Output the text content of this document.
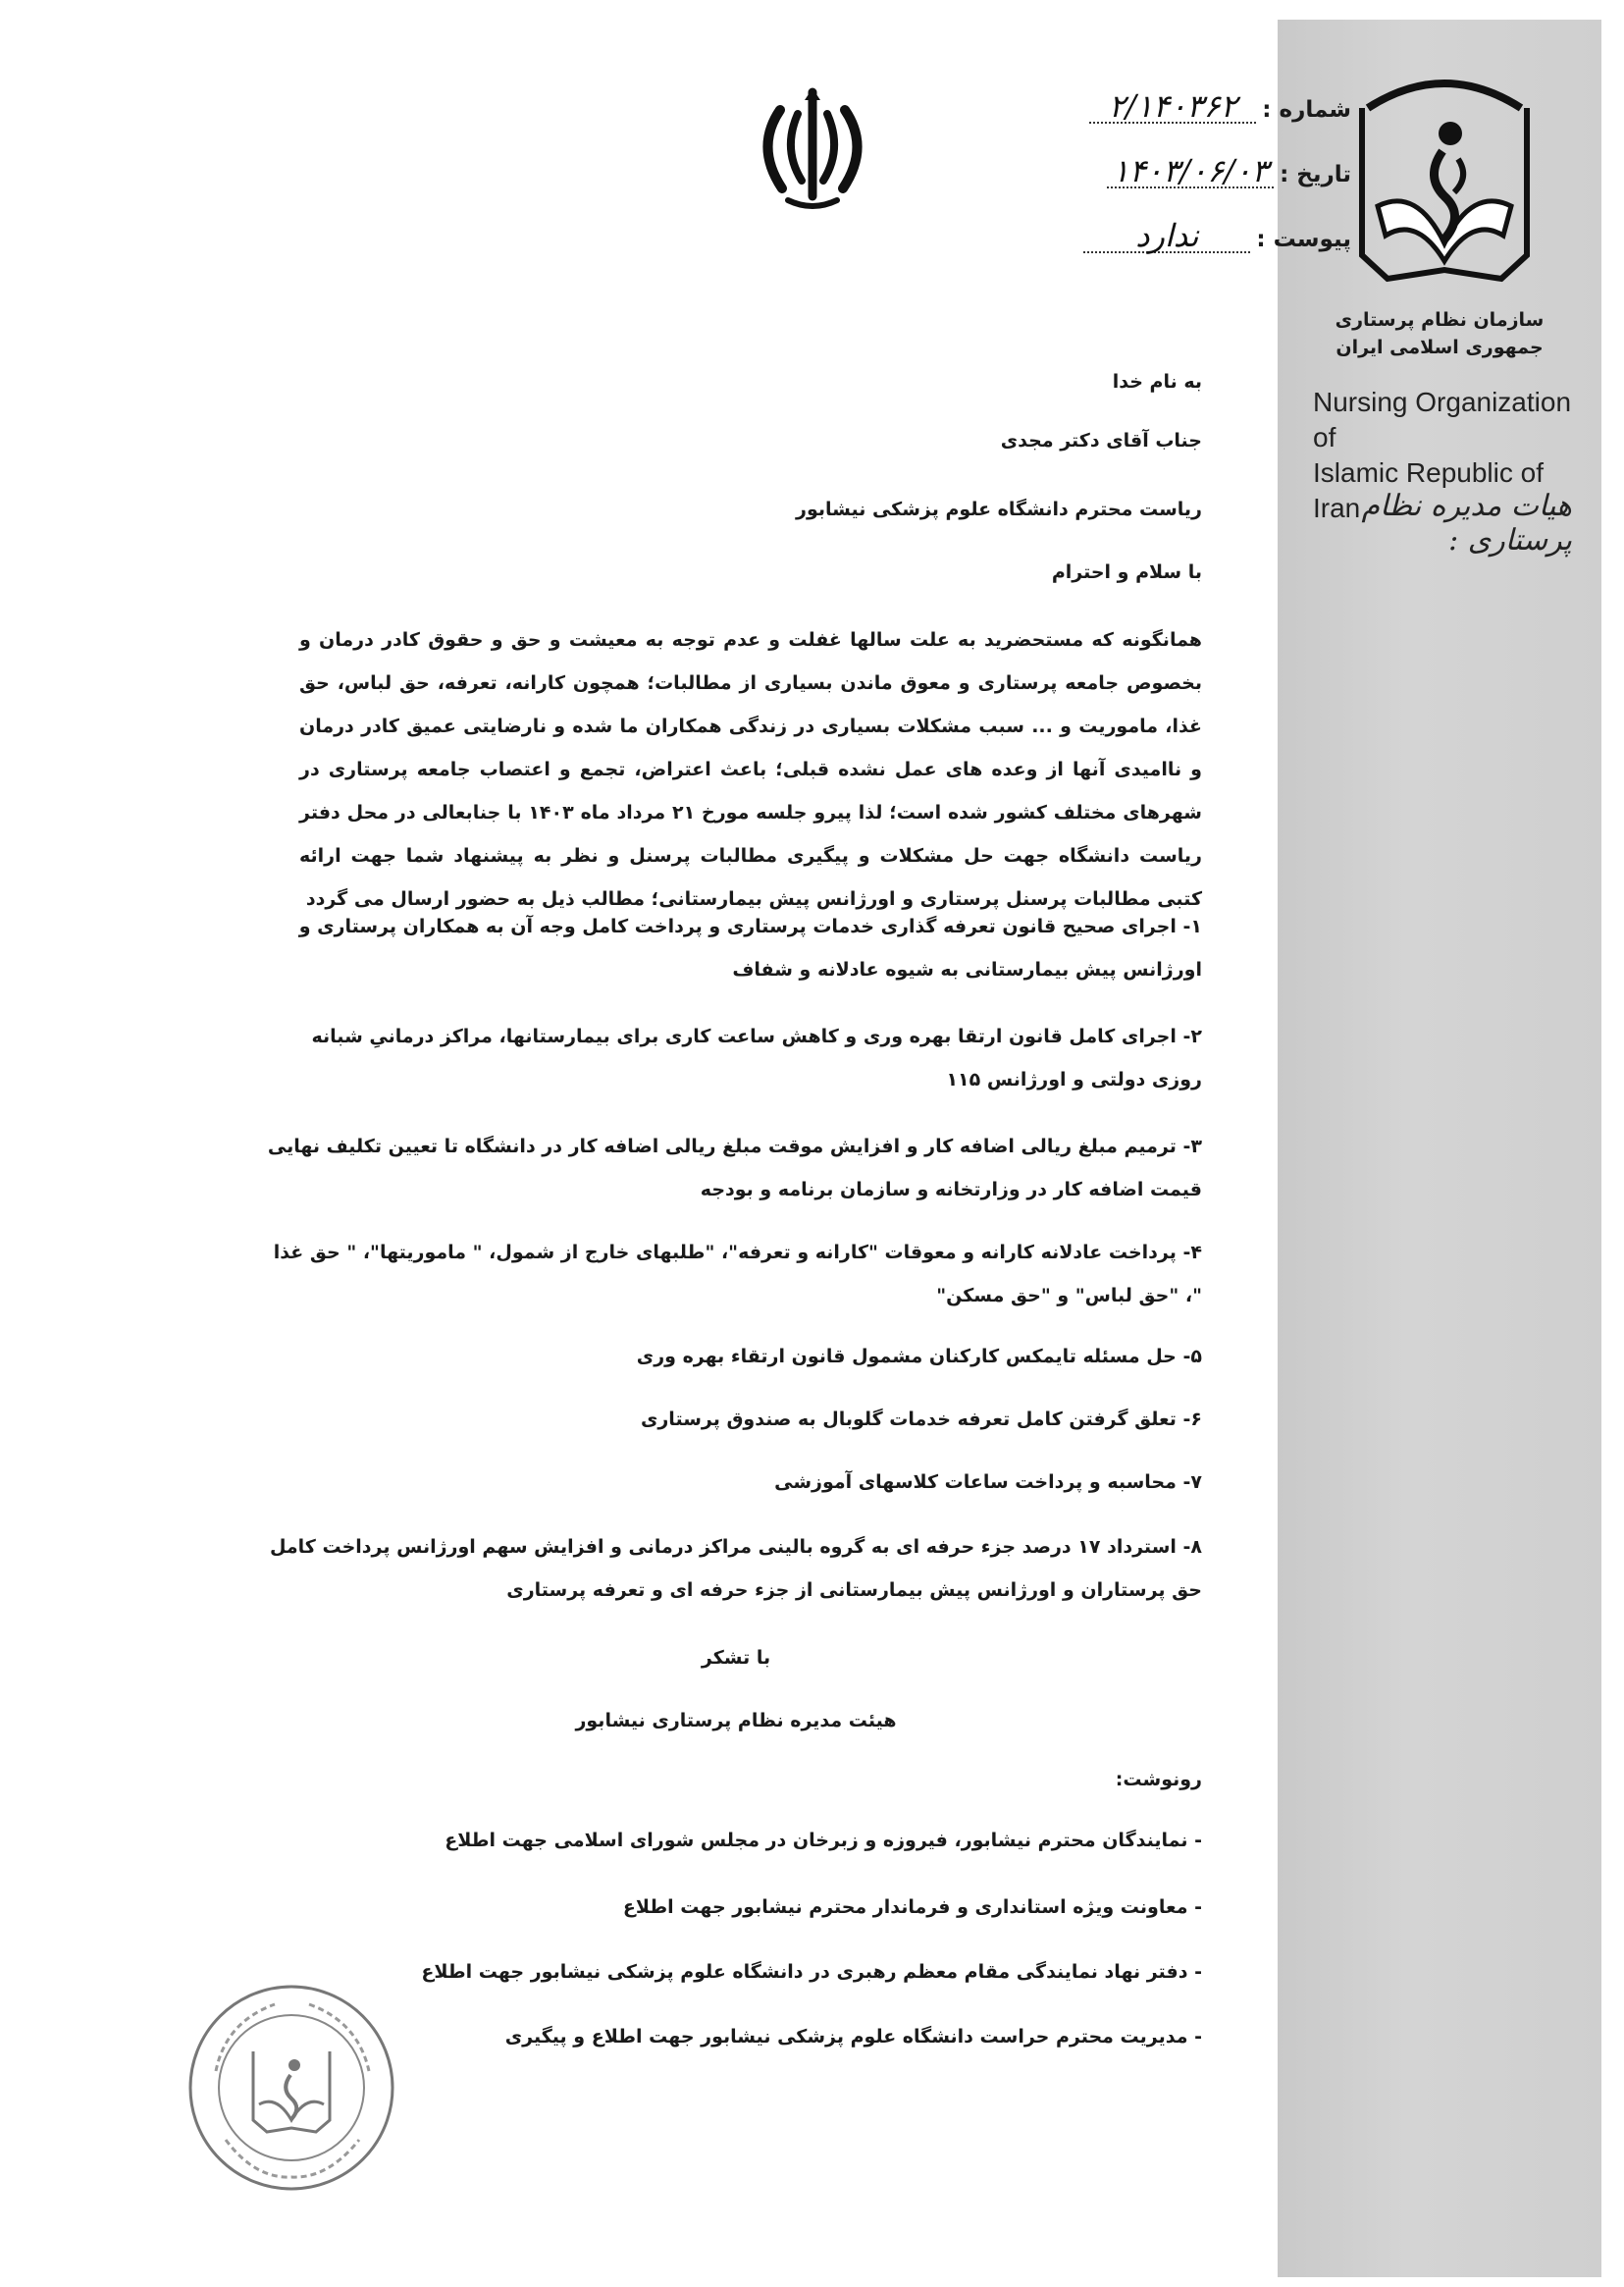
سازمان نظام پرستاری
جمهوری اسلامی ایران
Nursing Organization of
Islamic Republic of Iran هیات مدیره نظام پرستاری :
شماره :
۲/۱۴۰۳۶۲
تاریخ :
۱۴۰۳/۰۶/۰۳
پیوست :
ندارد
به نام خدا
جناب آقای دکتر مجدی
ریاست محترم دانشگاه علوم پزشکی نیشابور
با سلام و احترام

همانگونه که مستحضرید به علت سالها غفلت و عدم توجه به معیشت و حق و حقوق کادر درمان و بخصوص جامعه پرستاری و معوق ماندن بسیاری از مطالبات؛ همچون کارانه، تعرفه، حق لباس، حق غذا، ماموریت و ... سبب مشکلات بسیاری در زندگی همکاران ما شده و نارضایتی عمیق کادر درمان و ناامیدی آنها از وعده های عمل نشده قبلی؛ باعث اعتراض، تجمع و اعتصاب جامعه پرستاری در شهرهای مختلف کشور شده است؛ لذا پیرو جلسه مورخ ۲۱ مرداد ماه ۱۴۰۳ با جنابعالی در محل دفتر ریاست دانشگاه جهت حل مشکلات و پیگیری مطالبات پرسنل و نظر به پیشنهاد شما جهت ارائه کتبی مطالبات پرسنل پرستاری و اورژانس پیش بیمارستانی؛ مطالب ذیل به حضور ارسال می گردد

۱- اجرای صحیح قانون تعرفه گذاری خدمات پرستاری و پرداخت کامل وجه آن به همکاران پرستاری و اورژانس پیش بیمارستانی به شیوه عادلانه و شفاف

۲- اجرای کامل قانون ارتقا بهره وری و کاهش ساعت کاری برای بیمارستانها، مراکز درمانیِ شبانه روزی دولتی و اورژانس ۱۱۵

۳- ترمیم مبلغ ریالی اضافه کار و افزایش موقت مبلغ ریالی اضافه کار در دانشگاه تا تعیین تکلیف نهایی قیمت اضافه کار در وزارتخانه و سازمان برنامه و بودجه

۴- پرداخت عادلانه کارانه و معوقات "کارانه و تعرفه"، "طلبهای خارج از شمول، " ماموریتها"، " حق غذا "، "حق لباس" و "حق مسکن"

۵- حل مسئله تایمکس کارکنان مشمول قانون ارتقاء بهره وری

۶- تعلق گرفتن کامل تعرفه خدمات گلوبال به صندوق پرستاری

۷- محاسبه و پرداخت ساعات کلاسهای آموزشی

۸- استرداد ۱۷ درصد جزء حرفه ای به گروه بالینی مراکز درمانی و افزایش سهم اورژانس پرداخت کامل حق پرستاران و اورژانس پیش بیمارستانی از جزء حرفه ای و تعرفه پرستاری

با تشکر
هیئت مدیره نظام پرستاری نیشابور
رونوشت:
- نمایندگان محترم نیشابور، فیروزه و زبرخان در مجلس شورای اسلامی جهت اطلاع
- معاونت ویژه استانداری و فرماندار محترم نیشابور جهت اطلاع
- دفتر نهاد نمایندگی مقام معظم رهبری در دانشگاه علوم پزشکی نیشابور جهت اطلاع
- مدیریت محترم حراست دانشگاه علوم پزشکی نیشابور جهت اطلاع و پیگیری
